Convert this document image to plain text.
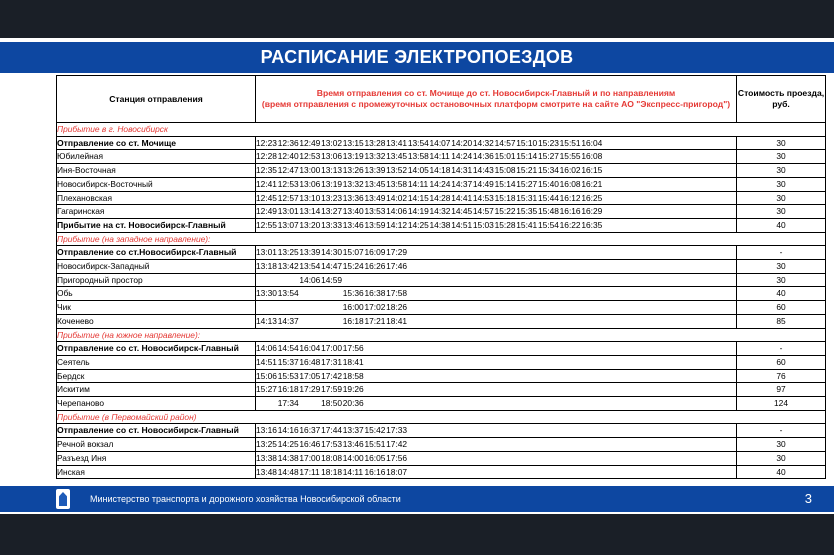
РАСПИСАНИЕ ЭЛЕКТРОПОЕЗДОВ
Станция отправления	Время отправления со ст. Мочище до ст. Новосибирск-Главный и по направлениям
(время отправления с промежуточных остановочных платформ смотрите на сайте АО "Экспресс-пригород")	Стоимость проезда, руб.
Прибытие в г. Новосибирск		
Отправление со ст. Мочище	12:2312:3612:4913:0213:1513:2813:4113:5414:0714:2014:3214:5715:1015:2315:5116:04	30
Юбилейная	12:2812:4012:5313:0613:1913:3213:4513:5814:1114:2414:3615:0115:1415:2715:5516:08	30
Иня-Восточная	12:3512:4713:0013:1313:2613:3913:5214:0514:1814:3114:4315:0815:2115:3416:0216:15	30
Новосибирск-Восточный	12:4112:5313:0613:1913:3213:4513:5814:1114:2414:3714:4915:1415:2715:4016:0816:21	30
Плехановская	12:4512:5713:1013:2313:3613:4914:0214:1514:2814:4114:5315:1815:3115:4416:1216:25	30
Гагаринская	12:4913:0113:1413:2713:4013:5314:0614:1914:3214:4514:5715:2215:3515:4816:1616:29	30
Прибытие на ст. Новосибирск-Главный	12:5513:0713:2013:3313:4613:5914:1214:2514:3814:5115:0315:2815:4115:5416:2216:35	40
Прибытие (на западное направление):		
Отправление со ст.Новосибирск-Главный	13:0113:2513:3914:3015:0716:0917:29	-
Новосибирск-Западный	13:1813:4213:5414:4715:2416:2617:46	30
Пригородный простор	14:0614:59	30
Обь	13:3013:54 15:3616:3817:58	40
Чик	16:0017:0218:26	60
Коченево	14:1314:37 16:1817:2118:41	85
Прибытие (на южное направление):		
Отправление со ст. Новосибирск-Главный	14:0614:5416:0417:0017:56	-
Сеятель	14:5115:3716:4817:3118:41	60
Бердск	15:0615:5317:0517:4218:58	76
Искитим	15:2716:1817:2917:5919:26	97
Черепаново	17:34 18:5020:36	124
Прибытие (в Первомайский район)		
Отправление со ст. Новосибирск-Главный	13:1614:1616:3717:4413:3715:4217:33	-
Речной вокзал	13:2514:2516:4617:5313:4615:5117:42	30
Разъезд Иня	13:3814:3817:0018:0814:0016:0517:56	30
Инская	13:4814:4817:1118:1814:1116:1618:07	40
Министерство транспорта и дорожного хозяйства Новосибирской области	3
